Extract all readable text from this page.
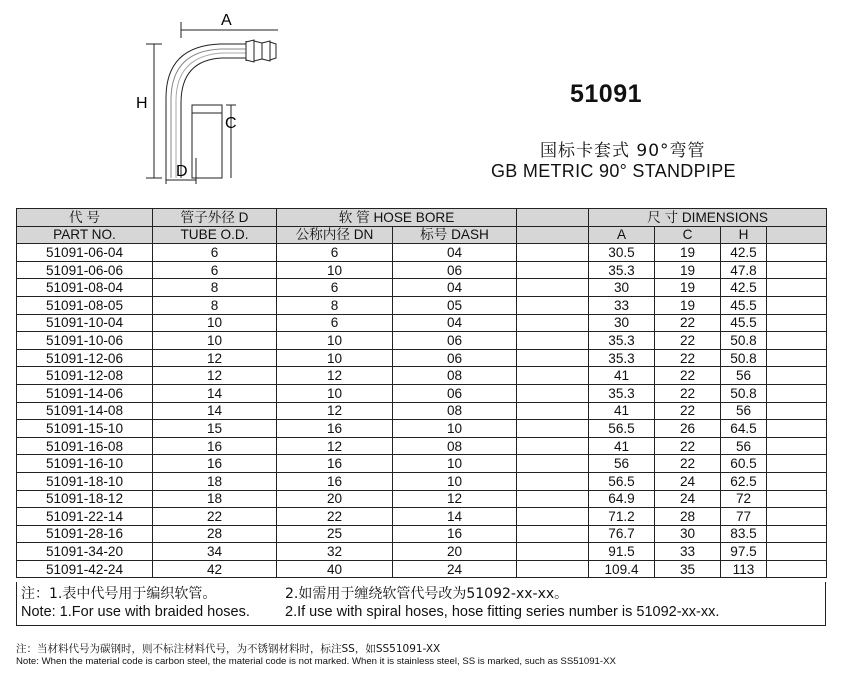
A
H
C
D
51091
国标卡套式 90°弯管
GB METRIC 90° STANDPIPE
代 号	管子外径 D	软 管 HOSE BORE			尺 寸 DIMENSIONS			
PART NO.	TUBE O.D.	公称内径 DN	标号 DASH		A	C	H	
51091-06-04	6	6	04		30.5	19	42.5	
51091-06-06	6	10	06		35.3	19	47.8	
51091-08-04	8	6	04		30	19	42.5	
51091-08-05	8	8	05		33	19	45.5	
51091-10-04	10	6	04		30	22	45.5	
51091-10-06	10	10	06		35.3	22	50.8	
51091-12-06	12	10	06		35.3	22	50.8	
51091-12-08	12	12	08		41	22	56	
51091-14-06	14	10	06		35.3	22	50.8	
51091-14-08	14	12	08		41	22	56	
51091-15-10	15	16	10		56.5	26	64.5	
51091-16-08	16	12	08		41	22	56	
51091-16-10	16	16	10		56	22	60.5	
51091-18-10	18	16	10		56.5	24	62.5	
51091-18-12	18	20	12		64.9	24	72	
51091-22-14	22	22	14		71.2	28	77	
51091-28-16	28	25	16		76.7	30	83.5	
51091-34-20	34	32	20		91.5	33	97.5	
51091-42-24	42	40	24		109.4	35	113	
注：1.表中代号用于编织软管。	2.如需用于缠绕软管代号改为51092-xx-xx。
Note: 1.For use with braided hoses. 2.If use with spiral hoses, hose fitting series number is 51092-xx-xx.
注：当材料代号为碳钢时，则不标注材料代号，为不锈钢材料时，标注SS，如SS51091-XX
Note: When the material code is carbon steel, the material code is not marked. When it is stainless steel, SS is marked, such as SS51091-XX
